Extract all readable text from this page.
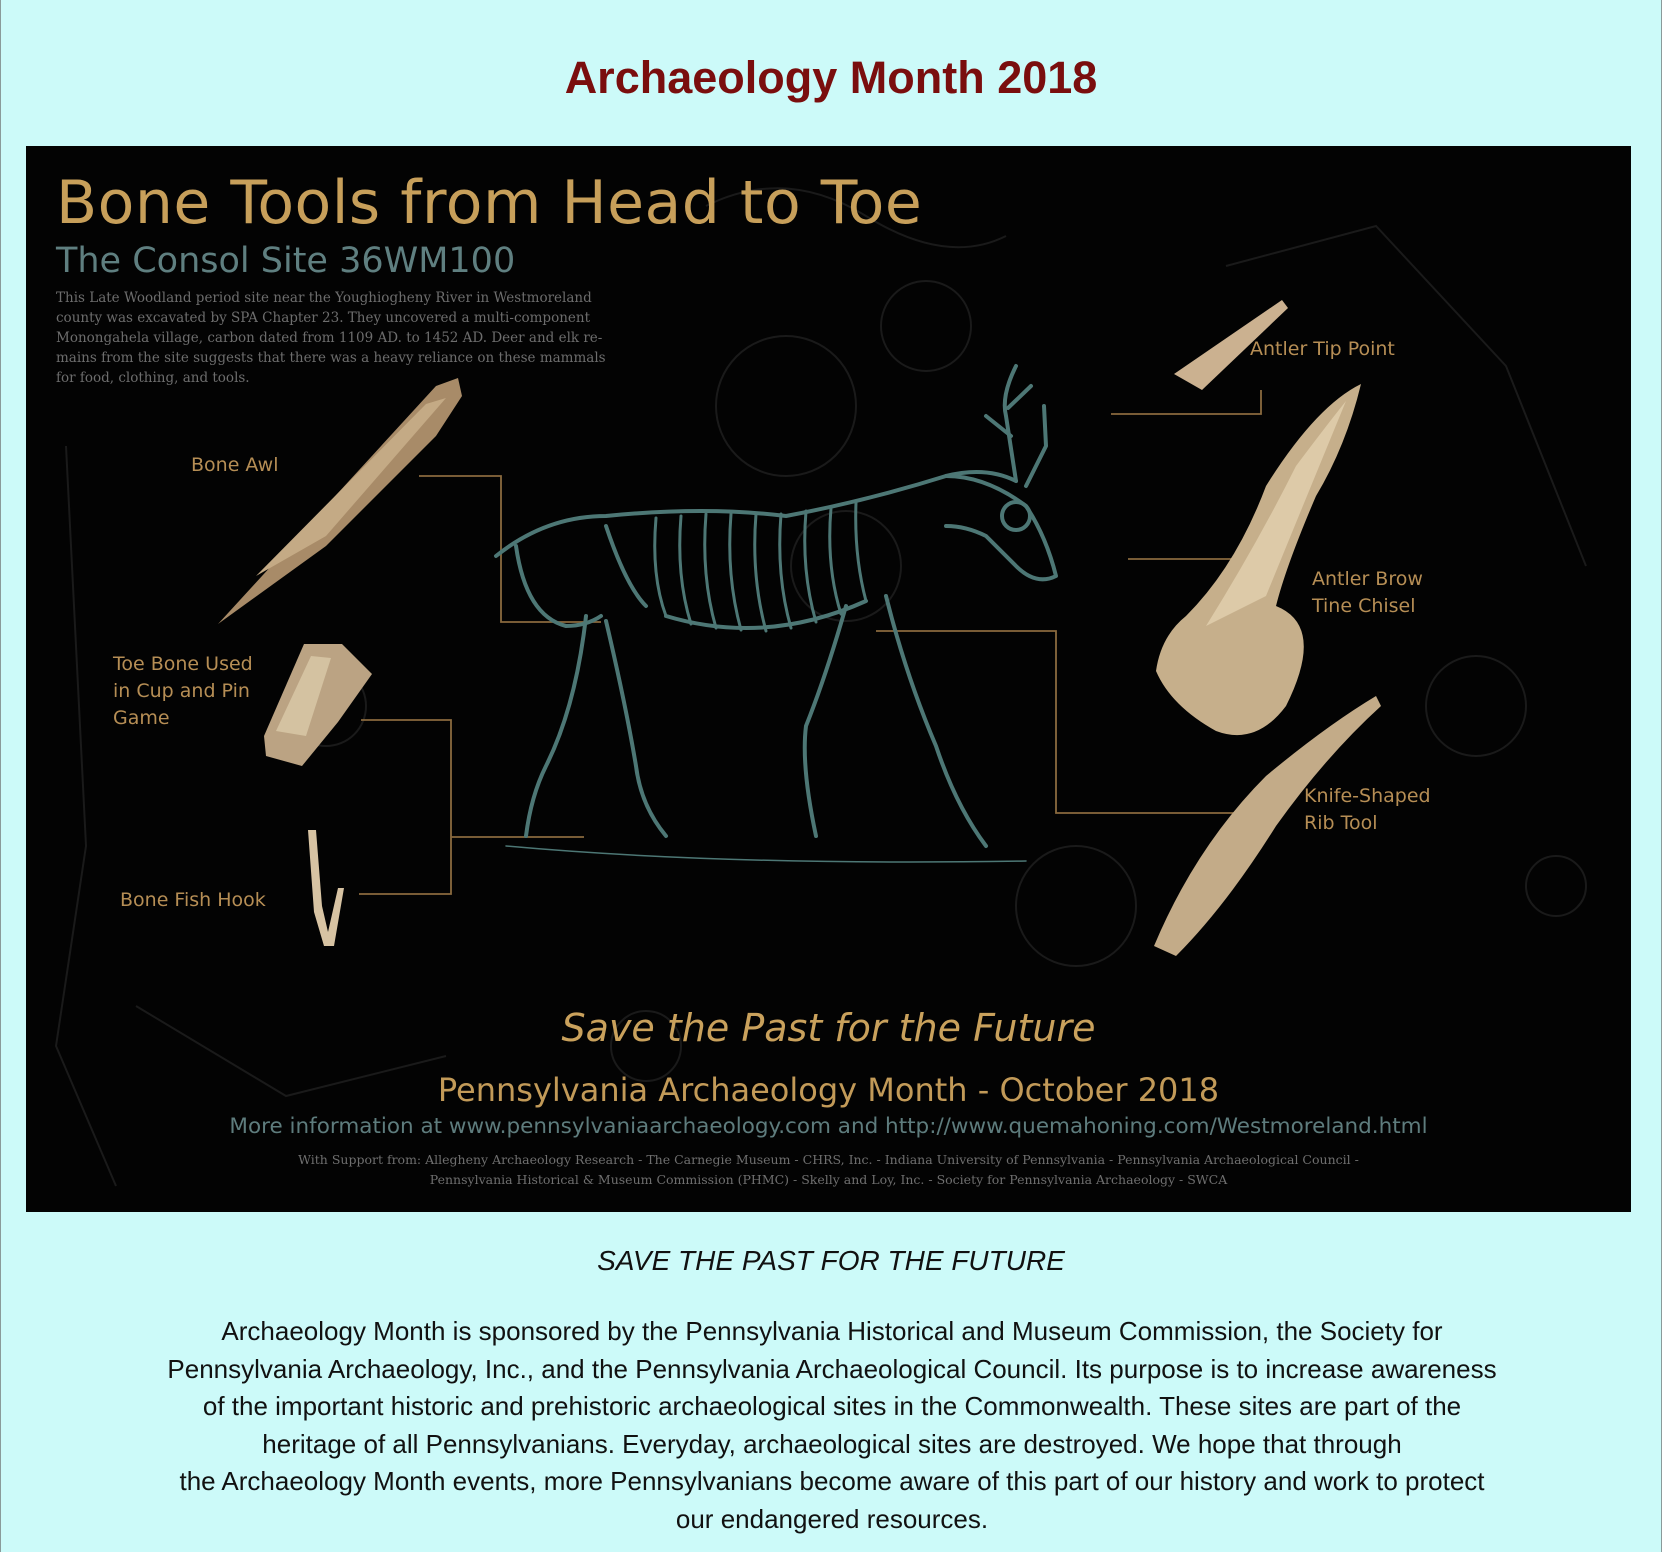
Archaeology Month 2018
Bone Tools from Head to Toe
The Consol Site 36WM100

This Late Woodland period site near the Youghiogheny River in Westmoreland
county was excavated by SPA Chapter 23. They uncovered a multi-component
Monongahela village, carbon dated from 1109 AD. to 1452 AD. Deer and elk re-
mains from the site suggests that there was a heavy reliance on these mammals
for food, clothing, and tools.

Bone Awl
Toe Bone Used
in Cup and Pin
Game
Bone Fish Hook
Antler Tip Point
Antler Brow
Tine Chisel
Knife-Shaped
Rib Tool
Save the Past for the Future
Pennsylvania Archaeology Month - October 2018
More information at www.pennsylvaniaarchaeology.com and http://www.quemahoning.com/Westmoreland.html
With Support from: Allegheny Archaeology Research - The Carnegie Museum - CHRS, Inc. - Indiana University of Pennsylvania - Pennsylvania Archaeological Council -
Pennsylvania Historical & Museum Commission (PHMC) - Skelly and Loy, Inc. - Society for Pennsylvania Archaeology - SWCA
SAVE THE PAST FOR THE FUTURE

Archaeology Month is sponsored by the Pennsylvania Historical and Museum Commission, the Society for
Pennsylvania Archaeology, Inc., and the Pennsylvania Archaeological Council. Its purpose is to increase awareness
of the important historic and prehistoric archaeological sites in the Commonwealth. These sites are part of the
heritage of all Pennsylvanians. Everyday, archaeological sites are destroyed. We hope that through
the Archaeology Month events, more Pennsylvanians become aware of this part of our history and work to protect
our endangered resources.
